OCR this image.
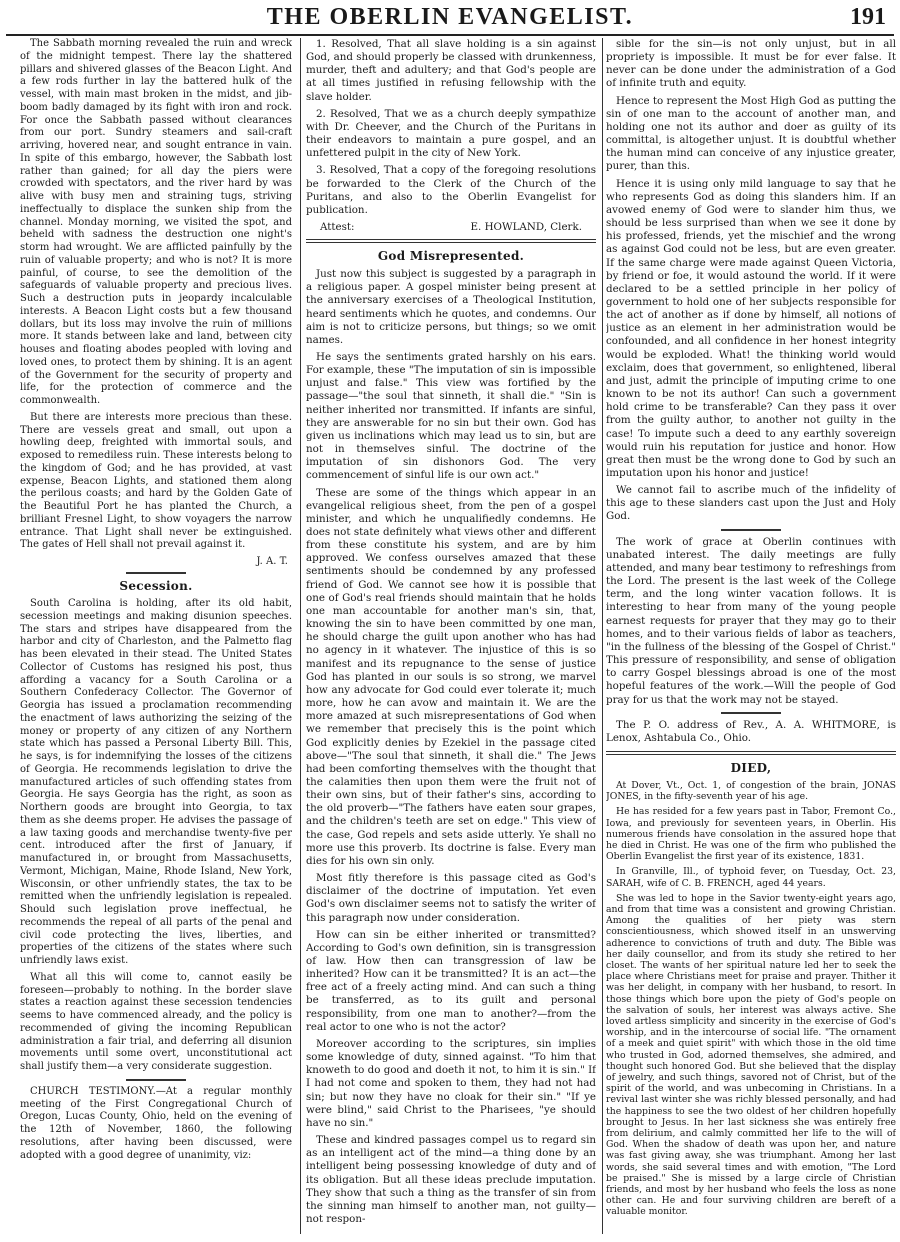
THE OBERLIN EVANGELIST.	191

The Sabbath morning revealed the ruin and wreck of the midnight tempest. There lay the shattered pillars and shivered glasses of the Beacon Light. And a few rods further in lay the battered hulk of the vessel, with main mast broken in the midst, and jib-boom badly damaged by its fight with iron and rock. For once the Sabbath passed without clearances from our port. Sundry steamers and sail-craft arriving, hovered near, and sought entrance in vain. In spite of this embargo, however, the Sabbath lost rather than gained; for all day the piers were crowded with spectators, and the river hard by was alive with busy men and straining tugs, striving ineffectually to displace the sunken ship from the channel. Monday morning, we visited the spot, and beheld with sadness the destruction one night's storm had wrought. We are afflicted painfully by the ruin of valuable property; and who is not? It is more painful, of course, to see the demolition of the safeguards of valuable property and precious lives. Such a destruction puts in jeopardy incalculable interests. A Beacon Light costs but a few thousand dollars, but its loss may involve the ruin of millions more. It stands between lake and land, between city houses and floating abodes peopled with loving and loved ones, to protect them by shining. It is an agent of the Government for the security of property and life, for the protection of commerce and the commonwealth.

But there are interests more precious than these. There are vessels great and small, out upon a howling deep, freighted with immortal souls, and exposed to remediless ruin. These interests belong to the kingdom of God; and he has provided, at vast expense, Beacon Lights, and stationed them along the perilous coasts; and hard by the Golden Gate of the Beautiful Port he has planted the Church, a brilliant Fresnel Light, to show voyagers the narrow entrance. That Light shall never be extinguished. The gates of Hell shall not prevail against it.

J. A. T.
Secession.

South Carolina is holding, after its old habit, secession meetings and making disunion speeches. The stars and stripes have disappeared from the harbor and city of Charleston, and the Palmetto flag has been elevated in their stead. The United States Collector of Customs has resigned his post, thus affording a vacancy for a South Carolina or a Southern Confederacy Collector. The Governor of Georgia has issued a proclamation recommending the enactment of laws authorizing the seizing of the money or property of any citizen of any Northern state which has passed a Personal Liberty Bill. This, he says, is for indemnifying the losses of the citizens of Georgia. He recommends legislation to drive the manufactured articles of such offending states from Georgia. He says Georgia has the right, as soon as Northern goods are brought into Georgia, to tax them as she deems proper. He advises the passage of a law taxing goods and merchandise twenty-five per cent. introduced after the first of January, if manufactured in, or brought from Massachusetts, Vermont, Michigan, Maine, Rhode Island, New York, Wisconsin, or other unfriendly states, the tax to be remitted when the unfriendly legislation is repealed. Should such legislation prove ineffectual, he recommends the repeal of all parts of the penal and civil code protecting the lives, liberties, and properties of the citizens of the states where such unfriendly laws exist.

What all this will come to, cannot easily be foreseen—probably to nothing. In the border slave states a reaction against these secession tendencies seems to have commenced already, and the policy is recommended of giving the incoming Republican administration a fair trial, and deferring all disunion movements until some overt, unconstitutional act shall justify them—a very considerate suggestion.

CHURCH TESTIMONY.—At a regular monthly meeting of the First Congregational Church of Oregon, Lucas County, Ohio, held on the evening of the 12th of November, 1860, the following resolutions, after having been discussed, were adopted with a good degree of unanimity, viz:

1. Resolved, That all slave holding is a sin against God, and should properly be classed with drunkenness, murder, theft and adultery; and that God's people are at all times justified in refusing fellowship with the slave holder.

2. Resolved, That we as a church deeply sympathize with Dr. Cheever, and the Church of the Puritans in their endeavors to maintain a pure gospel, and an unfettered pulpit in the city of New York.

3. Resolved, That a copy of the foregoing resolutions be forwarded to the Clerk of the Church of the Puritans, and also to the Oberlin Evangelist for publication.

Attest:	E. HOWLAND, Clerk.
God Misrepresented.

Just now this subject is suggested by a paragraph in a religious paper. A gospel minister being present at the anniversary exercises of a Theological Institution, heard sentiments which he quotes, and condemns. Our aim is not to criticize persons, but things; so we omit names.

He says the sentiments grated harshly on his ears. For example, these "The imputation of sin is impossible unjust and false." This view was fortified by the passage—"the soul that sinneth, it shall die." "Sin is neither inherited nor transmitted. If infants are sinful, they are answerable for no sin but their own. God has given us inclinations which may lead us to sin, but are not in themselves sinful. The doctrine of the imputation of sin dishonors God. The very commencement of sinful life is our own act."

These are some of the things which appear in an evangelical religious sheet, from the pen of a gospel minister, and which he unqualifiedly condemns. He does not state definitely what views other and different from these constitute his system, and are by him approved. We confess ourselves amazed that these sentiments should be condemned by any professed friend of God. We cannot see how it is possible that one of God's real friends should maintain that he holds one man accountable for another man's sin, that, knowing the sin to have been committed by one man, he should charge the guilt upon another who has had no agency in it whatever. The injustice of this is so manifest and its repugnance to the sense of justice God has planted in our souls is so strong, we marvel how any advocate for God could ever tolerate it; much more, how he can avow and maintain it. We are the more amazed at such misrepresentations of God when we remember that precisely this is the point which God explicitly denies by Ezekiel in the passage cited above—"The soul that sinneth, it shall die." The Jews had been comforting themselves with the thought that the calamities then upon them were the fruit not of their own sins, but of their father's sins, according to the old proverb—"The fathers have eaten sour grapes, and the children's teeth are set on edge." This view of the case, God repels and sets aside utterly. Ye shall no more use this proverb. Its doctrine is false. Every man dies for his own sin only.

Most fitly therefore is this passage cited as God's disclaimer of the doctrine of imputation. Yet even God's own disclaimer seems not to satisfy the writer of this paragraph now under consideration.

How can sin be either inherited or transmitted? According to God's own definition, sin is transgression of law. How then can transgression of law be inherited? How can it be transmitted? It is an act—the free act of a freely acting mind. And can such a thing be transferred, as to its guilt and personal responsibility, from one man to another?—from the real actor to one who is not the actor?

Moreover according to the scriptures, sin implies some knowledge of duty, sinned against. "To him that knoweth to do good and doeth it not, to him it is sin." If I had not come and spoken to them, they had not had sin; but now they have no cloak for their sin." "If ye were blind," said Christ to the Pharisees, "ye should have no sin."

These and kindred passages compel us to regard sin as an intelligent act of the mind—a thing done by an intelligent being possessing knowledge of duty and of its obligation. But all these ideas preclude imputation. They show that such a thing as the transfer of sin from the sinning man himself to another man, not guilty—not respon-

sible for the sin—is not only unjust, but in all propriety is impossible. It must be for ever false. It never can be done under the administration of a God of infinite truth and equity.

Hence to represent the Most High God as putting the sin of one man to the account of another man, and holding one not its author and doer as guilty of its committal, is altogether unjust. It is doubtful whether the human mind can conceive of any injustice greater, purer, than this.

Hence it is using only mild language to say that he who represents God as doing this slanders him. If an avowed enemy of God were to slander him thus, we should be less surprised than when we see it done by his professed, friends, yet the mischief and the wrong as against God could not be less, but are even greater. If the same charge were made against Queen Victoria, by friend or foe, it would astound the world. If it were declared to be a settled principle in her policy of government to hold one of her subjects responsible for the act of another as if done by himself, all notions of justice as an element in her administration would be confounded, and all confidence in her honest integrity would be exploded. What! the thinking world would exclaim, does that government, so enlightened, liberal and just, admit the principle of imputing crime to one known to be not its author! Can such a government hold crime to be transferable? Can they pass it over from the guilty author, to another not guilty in the case! To impute such a deed to any earthly sovereign would ruin his reputation for justice and honor. How great then must be the wrong done to God by such an imputation upon his honor and justice!

We cannot fail to ascribe much of the infidelity of this age to these slanders cast upon the Just and Holy God.

The work of grace at Oberlin continues with unabated interest. The daily meetings are fully attended, and many bear testimony to refreshings from the Lord. The present is the last week of the College term, and the long winter vacation follows. It is interesting to hear from many of the young people earnest requests for prayer that they may go to their homes, and to their various fields of labor as teachers, "in the fullness of the blessing of the Gospel of Christ." This pressure of responsibility, and sense of obligation to carry Gospel blessings abroad is one of the most hopeful features of the work.—Will the people of God pray for us that the work may not be stayed.

The P. O. address of Rev., A. A. WHITMORE, is Lenox, Ashtabula Co., Ohio.

DIED,

At Dover, Vt., Oct. 1, of congestion of the brain, JONAS JONES, in the fifty-seventh year of his age.

He has resided for a few years past in Tabor, Fremont Co., Iowa, and previously for seventeen years, in Oberlin. His numerous friends have consolation in the assured hope that he died in Christ. He was one of the firm who published the Oberlin Evangelist the first year of its existence, 1831.

In Granville, Ill., of typhoid fever, on Tuesday, Oct. 23, SARAH, wife of C. B. FRENCH, aged 44 years.

She was led to hope in the Savior twenty-eight years ago, and from that time was a consistent and growing Christian. Among the qualities of her piety was stern conscientiousness, which showed itself in an unswerving adherence to convictions of truth and duty. The Bible was her daily counsellor, and from its study she retired to her closet. The wants of her spiritual nature led her to seek the place where Christians meet for praise and prayer. Thither it was her delight, in company with her husband, to resort. In those things which bore upon the piety of God's people on the salvation of souls, her interest was always active. She loved artless simplicity and sincerity in the exercise of God's worship, and in the intercourse of social life. "The ornament of a meek and quiet spirit" with which those in the old time who trusted in God, adorned themselves, she admired, and thought such honored God. But she believed that the display of jewelry, and such things, savored not of Christ, but of the spirit of the world, and was unbecoming in Christians. In a revival last winter she was richly blessed personally, and had the happiness to see the two oldest of her children hopefully brought to Jesus. In her last sickness she was entirely free from delirium, and calmly committed her life to the will of God. When the shadow of death was upon her, and nature was fast giving away, she was triumphant. Among her last words, she said several times and with emotion, "The Lord be praised." She is missed by a large circle of Christian friends, and most by her husband who feels the loss as none other can. He and four surviving children are bereft of a valuable monitor.
